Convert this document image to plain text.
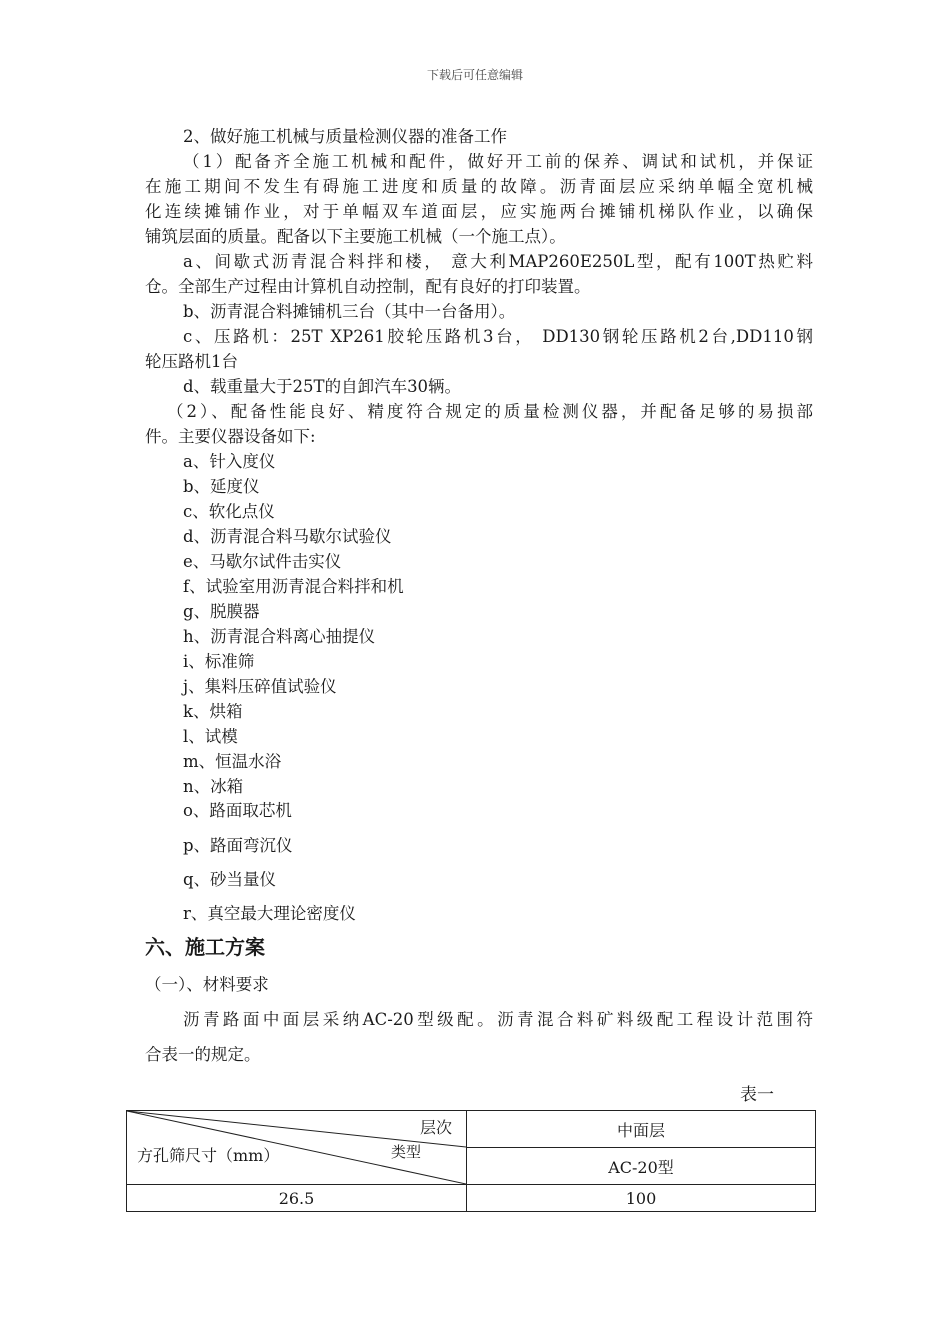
下载后可任意编辑
2、做好施工机械与质量检测仪器的准备工作
（1）配备齐全施工机械和配件，做好开工前的保养、调试和试机，并保证
在施工期间不发生有碍施工进度和质量的故障。沥青面层应采纳单幅全宽机械
化连续摊铺作业，对于单幅双车道面层，应实施两台摊铺机梯队作业，以确保
铺筑层面的质量。配备以下主要施工机械（一个施工点）。
a、间歇式沥青混合料拌和楼， 意大利MAP260E250L型，配有100T热贮料
仓。全部生产过程由计算机自动控制，配有良好的打印装置。
b、沥青混合料摊铺机三台（其中一台备用）。
c、压路机：25T XP261胶轮压路机3台， DD130钢轮压路机2台,DD110钢
轮压路机1台
d、载重量大于25T的自卸汽车30辆。
（2）、配备性能良好、精度符合规定的质量检测仪器，并配备足够的易损部
件。主要仪器设备如下:
a、针入度仪
b、延度仪
c、软化点仪
d、沥青混合料马歇尔试验仪
e、马歇尔试件击实仪
f、试验室用沥青混合料拌和机
g、脱膜器
h、沥青混合料离心抽提仪
i、标准筛
j、集料压碎值试验仪
k、烘箱
l、试模
m、恒温水浴
n、冰箱
o、路面取芯机
p、路面弯沉仪
q、砂当量仪
r、真空最大理论密度仪
六、施工方案
（一）、材料要求
沥青路面中面层采纳AC-20型级配。沥青混合料矿料级配工程设计范围符
合表一的规定。
表一
层次
类型
方孔筛尺寸（mm）	中面层
	AC-20型
26.5	100
